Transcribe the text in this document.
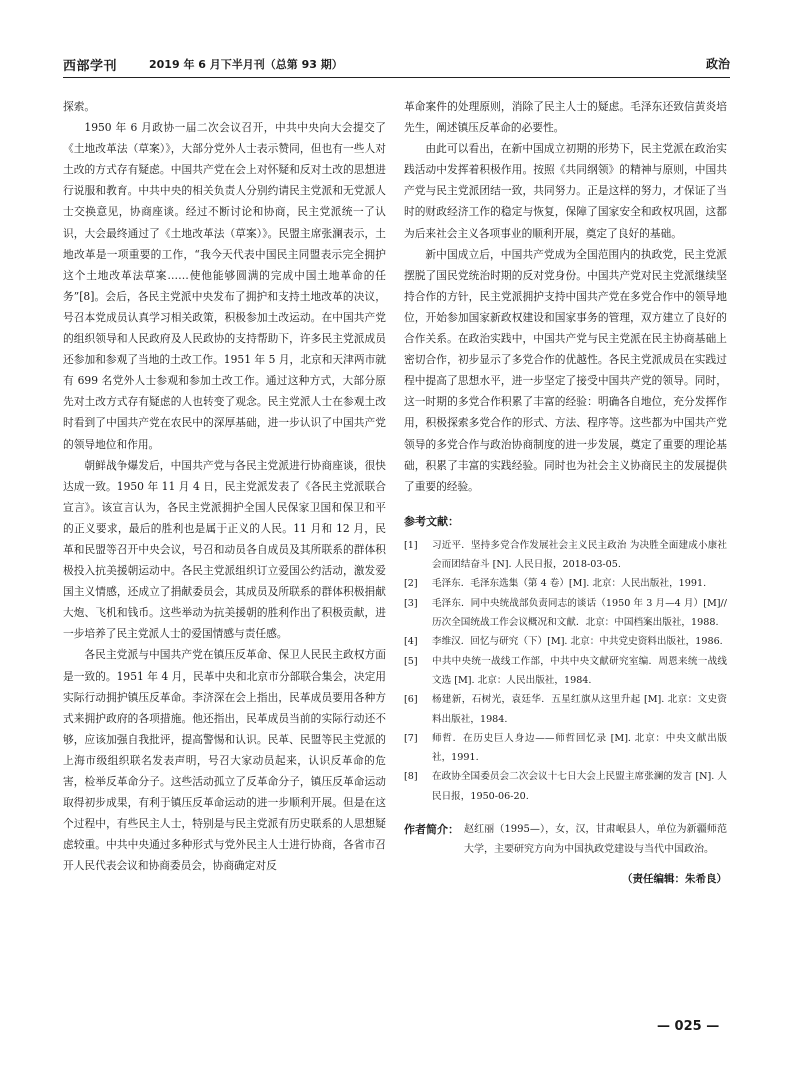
西部学刊	2019 年 6 月下半月刊（总第 93 期）	政治

探索。

1950 年 6 月政协一届二次会议召开，中共中央向大会提交了《土地改革法（草案）》，大部分党外人士表示赞同，但也有一些人对土改的方式存有疑虑。中国共产党在会上对怀疑和反对土改的思想进行说服和教育。中共中央的相关负责人分别约请民主党派和无党派人士交换意见，协商座谈。经过不断讨论和协商，民主党派统一了认识，大会最终通过了《土地改革法（草案）》。民盟主席张澜表示，土地改革是一项重要的工作，“我今天代表中国民主同盟表示完全拥护这个土地改革法草案……使他能够圆满的完成中国土地革命的任务”[8]。会后，各民主党派中央发布了拥护和支持土地改革的决议，号召本党成员认真学习相关政策，积极参加土改运动。在中国共产党的组织领导和人民政府及人民政协的支持帮助下，许多民主党派成员还参加和参观了当地的土改工作。1951 年 5 月，北京和天津两市就有 699 名党外人士参观和参加土改工作。通过这种方式，大部分原先对土改方式存有疑虑的人也转变了观念。民主党派人士在参观土改时看到了中国共产党在农民中的深厚基础，进一步认识了中国共产党的领导地位和作用。

朝鲜战争爆发后，中国共产党与各民主党派进行协商座谈，很快达成一致。1950 年 11 月 4 日，民主党派发表了《各民主党派联合宣言》。该宣言认为，各民主党派拥护全国人民保家卫国和保卫和平的正义要求，最后的胜利也是属于正义的人民。11 月和 12 月，民革和民盟等召开中央会议，号召和动员各自成员及其所联系的群体积极投入抗美援朝运动中。各民主党派组织订立爱国公约活动，激发爱国主义情感，还成立了捐献委员会，其成员及所联系的群体积极捐献大炮、飞机和钱币。这些举动为抗美援朝的胜利作出了积极贡献，进一步培养了民主党派人士的爱国情感与责任感。

各民主党派与中国共产党在镇压反革命、保卫人民民主政权方面是一致的。1951 年 4 月，民革中央和北京市分部联合集会，决定用实际行动拥护镇压反革命。李济深在会上指出，民革成员要用各种方式来拥护政府的各项措施。他还指出，民革成员当前的实际行动还不够，应该加强自我批评，提高警惕和认识。民革、民盟等民主党派的上海市级组织联名发表声明，号召大家动员起来，认识反革命的危害，检举反革命分子。这些活动孤立了反革命分子，镇压反革命运动取得初步成果，有利于镇压反革命运动的进一步顺利开展。但是在这个过程中，有些民主人士，特别是与民主党派有历史联系的人思想疑虑较重。中共中央通过多种形式与党外民主人士进行协商，各省市召开人民代表会议和协商委员会，协商确定对反

革命案件的处理原则，消除了民主人士的疑虑。毛泽东还致信黄炎培先生，阐述镇压反革命的必要性。

由此可以看出，在新中国成立初期的形势下，民主党派在政治实践活动中发挥着积极作用。按照《共同纲领》的精神与原则，中国共产党与民主党派团结一致，共同努力。正是这样的努力，才保证了当时的财政经济工作的稳定与恢复，保障了国家安全和政权巩固，这都为后来社会主义各项事业的顺利开展，奠定了良好的基础。

新中国成立后，中国共产党成为全国范围内的执政党，民主党派摆脱了国民党统治时期的反对党身份。中国共产党对民主党派继续坚持合作的方针，民主党派拥护支持中国共产党在多党合作中的领导地位，开始参加国家新政权建设和国家事务的管理，双方建立了良好的合作关系。在政治实践中，中国共产党与民主党派在民主协商基础上密切合作，初步显示了多党合作的优越性。各民主党派成员在实践过程中提高了思想水平，进一步坚定了接受中国共产党的领导。同时，这一时期的多党合作积累了丰富的经验：明确各自地位，充分发挥作用，积极探索多党合作的形式、方法、程序等。这些都为中国共产党领导的多党合作与政治协商制度的进一步发展，奠定了重要的理论基础，积累了丰富的实践经验。同时也为社会主义协商民主的发展提供了重要的经验。

参考文献：
[1] 习近平．坚持多党合作发展社会主义民主政治 为决胜全面建成小康社会而团结奋斗 [N]. 人民日报，2018-03-05.
[2] 毛泽东．毛泽东选集（第 4 卷）[M]. 北京：人民出版社，1991.
[3] 毛泽东．同中央统战部负责同志的谈话（1950 年 3 月—4 月）[M]// 历次全国统战工作会议概况和文献．北京：中国档案出版社，1988.
[4] 李维汉．回忆与研究（下）[M]. 北京：中共党史资料出版社，1986.
[5] 中共中央统一战线工作部，中共中央文献研究室编．周恩来统一战线文选 [M]. 北京：人民出版社，1984.
[6] 杨建新，石树光，袁廷华．五星红旗从这里升起 [M]. 北京：文史资料出版社，1984.
[7] 师哲．在历史巨人身边——师哲回忆录 [M]. 北京：中央文献出版社，1991.
[8] 在政协全国委员会二次会议十七日大会上民盟主席张澜的发言 [N]. 人民日报，1950-06-20.
作者简介： 赵红丽（1995—），女，汉，甘肃岷县人，单位为新疆师范大学，主要研究方向为中国执政党建设与当代中国政治。
（责任编辑：朱希良）
— 025 —
